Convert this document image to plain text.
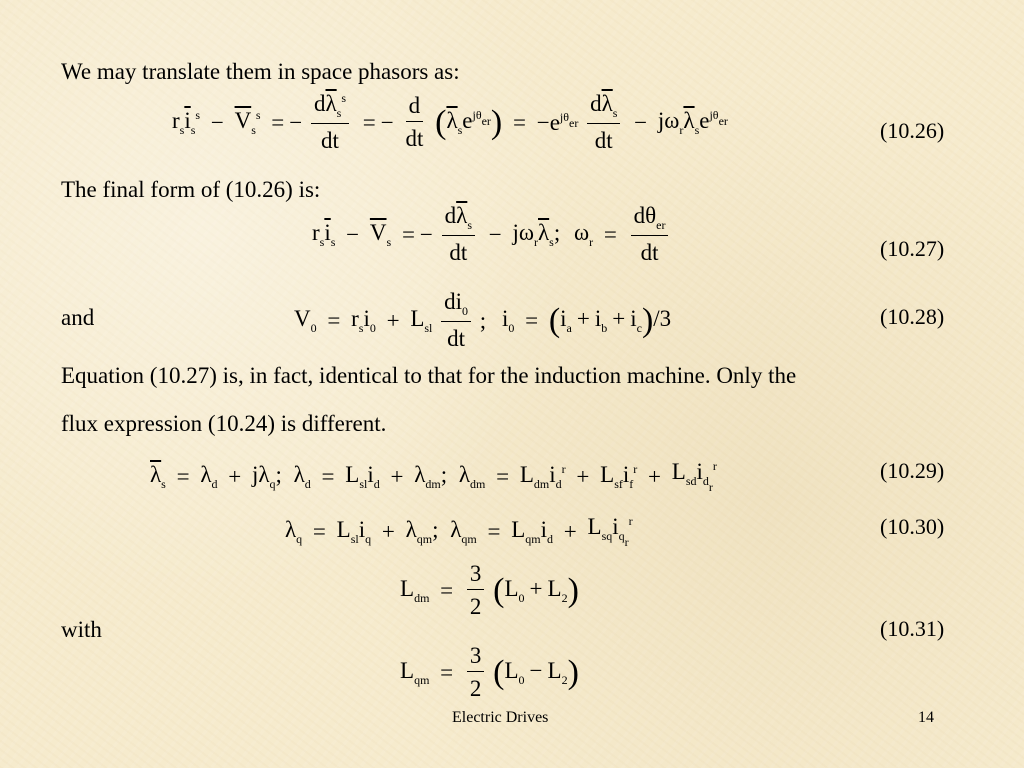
We may translate them in space phasors as:
$r_s\overline{i}_s^s - \overline{V}_s^s$ = − $\frac{d\overline{\lambda}_s^s}{dt}$ = − $\frac{d}{dt} (\overline{\lambda}_se^{j\theta_{er}}) = -e^{j\theta_{er}} \frac{d\overline{\lambda}_s}{dt} - j\omega_r\overline{\lambda}_se^{j\theta_{er}}$	(10.26)
The final form of (10.26) is:
$r_s\overline{i}_s - \overline{V}_s$ = − $\frac{d\overline{\lambda}_s}{dt} - j\omega_r\overline{\lambda}_s$; $\omega_r = \frac{d\theta_{er}}{dt}$	(10.27)
and	$V_0 = r_si_0 + L_{sl} \frac{di_0}{dt}$ ; $i_0 = (i_a + i_b + i_c)/3$	(10.28)
Equation (10.27) is, in fact, identical to that for the induction machine. Only the
flux expression (10.24) is different.
$\overline{\lambda}_s = \lambda_d + j\lambda_q$; $\lambda_d = L_{sl}i_d + \lambda_{dm}$; $\lambda_{dm} = L_{dm}i_d^r + L_{sf}i_f^r + L_{sd}i_{d_r}^r$	(10.29)
$\lambda_q = L_{sl}i_q + \lambda_{qm}$; $\lambda_{qm} = L_{qm}i_d + L_{sq}i_{q_r}^r$	(10.30)
with
$L_{dm} = \frac{3}{2} (L_0 + L_2)$
$L_{qm} = \frac{3}{2} (L_0 - L_2)$
(10.31)
Electric Drives	14
